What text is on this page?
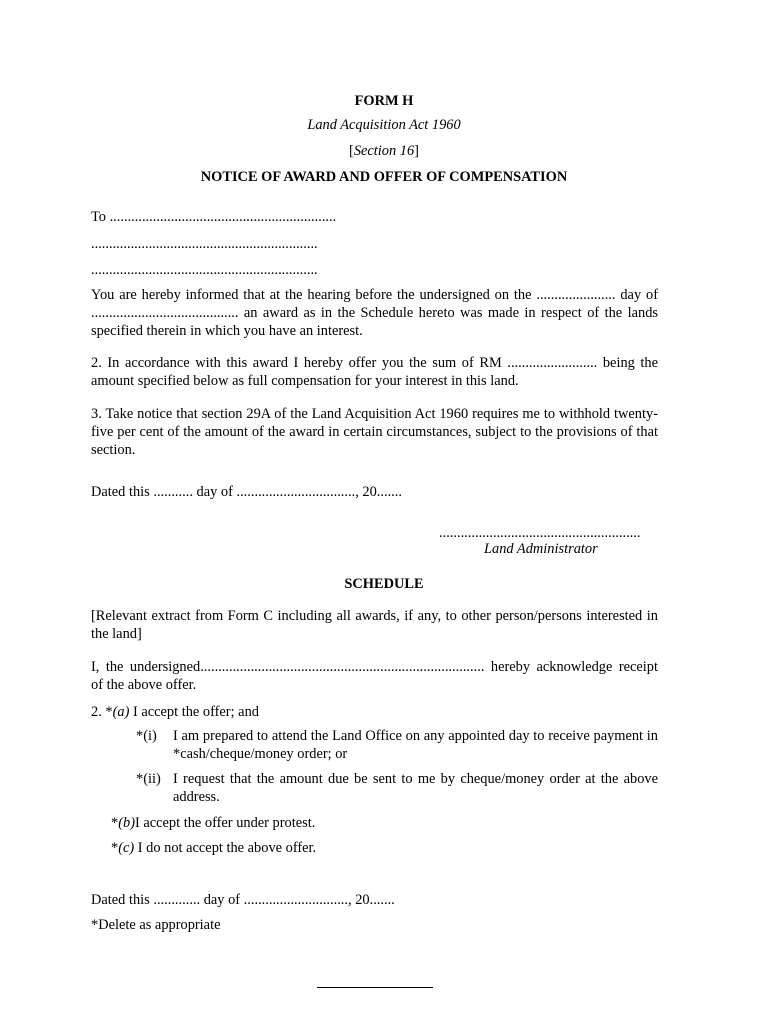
FORM H
Land Acquisition Act 1960
[Section 16]
NOTICE OF AWARD AND OFFER OF COMPENSATION
To ...............................................................
...............................................................
...............................................................
You are hereby informed that at the hearing before the undersigned on the ...................... day of ......................................... an award as in the Schedule hereto was made in respect of the lands specified therein in which you have an interest.
2. In accordance with this award I hereby offer you the sum of RM ......................... being the amount specified below as full compensation for your interest in this land.
3. Take notice that section 29A of the Land Acquisition Act 1960 requires me to withhold twenty-five per cent of the amount of the award in certain circumstances, subject to the provisions of that section.
Dated this ........... day of ................................., 20.......
........................................................
Land Administrator
SCHEDULE
[Relevant extract from Form C including all awards, if any, to other person/persons interested in the land]
I, the undersigned............................................................................... hereby acknowledge receipt of the above offer.
2. *(a) I accept the offer; and
*(i) I am prepared to attend the Land Office on any appointed day to receive payment in *cash/cheque/money order; or
*(ii) I request that the amount due be sent to me by cheque/money order at the above address.
*(b)I accept the offer under protest.
*(c) I do not accept the above offer.
Dated this ............. day of ............................., 20.......
*Delete as appropriate
